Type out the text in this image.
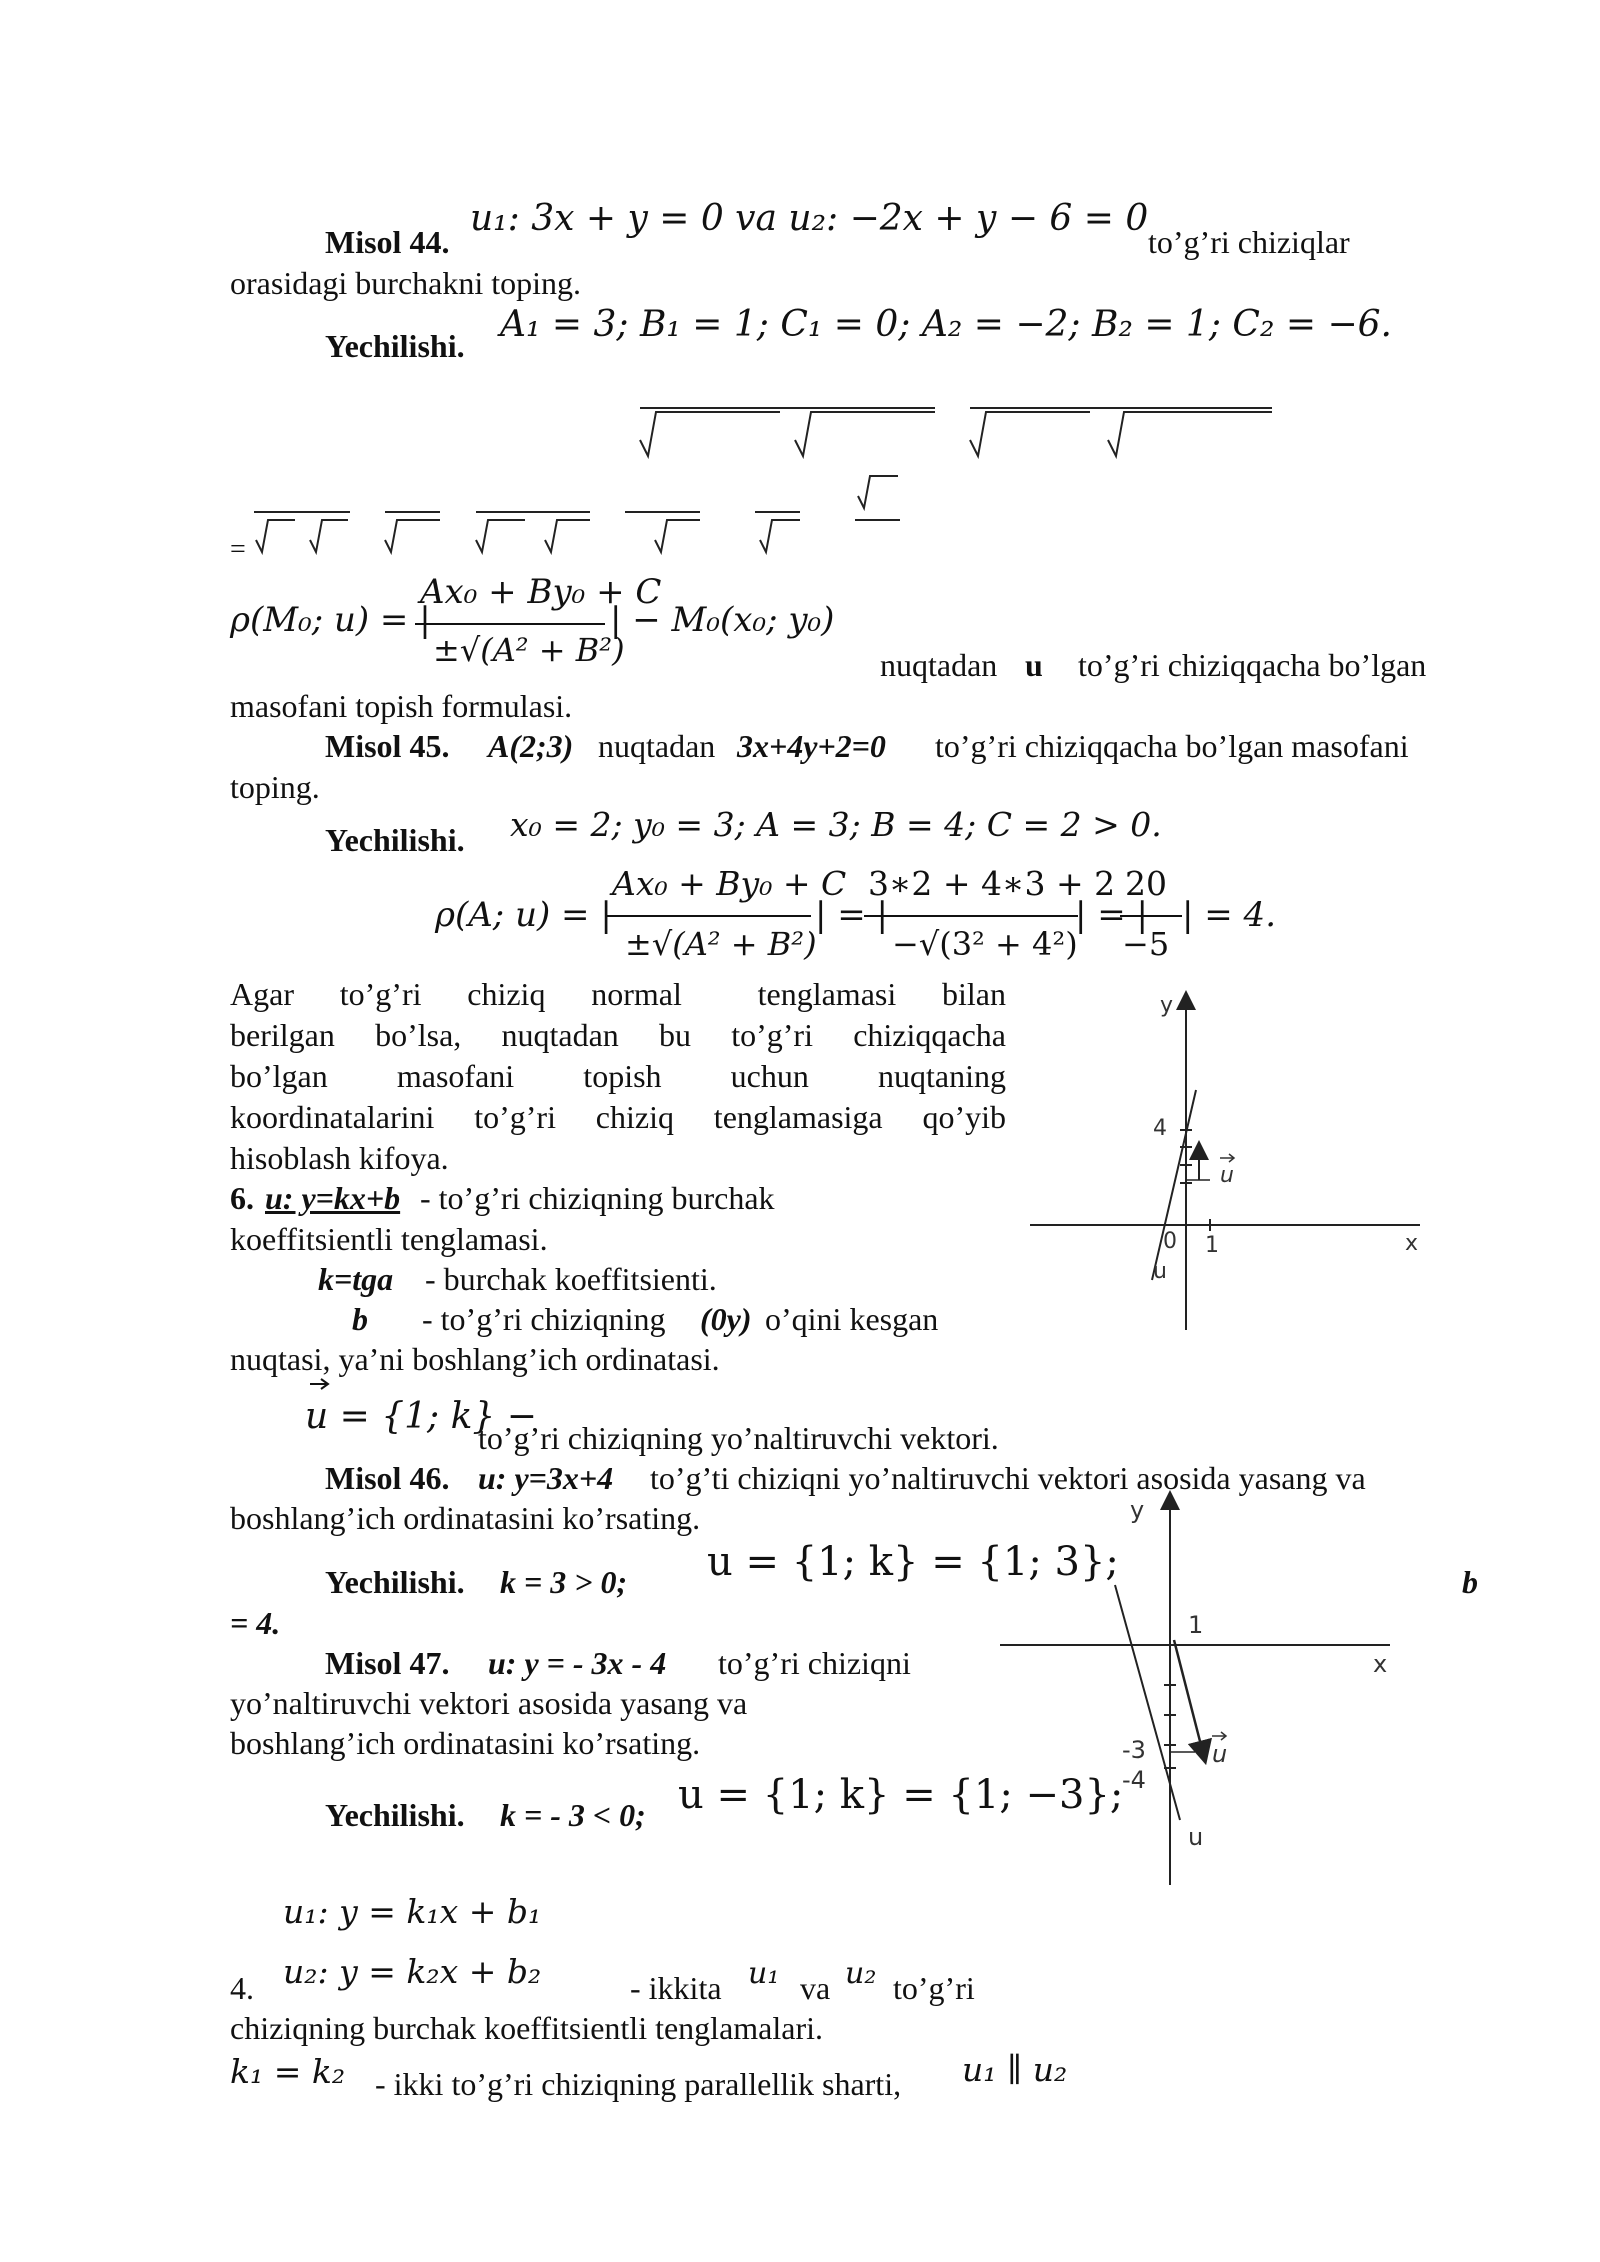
Misol 44.
u₁: 3x + y = 0 va u₂: −2x + y − 6 = 0
to’g’ri chiziqlar
orasidagi burchakni toping.
Yechilishi.
A₁ = 3; B₁ = 1; C₁ = 0; A₂ = −2; B₂ = 1; C₂ = −6.
=
ρ(M₀; u) = |
Ax₀ + By₀ + C
±√(A² + B²)
| − M₀(x₀; y₀)
nuqtadan u to’g’ri chiziqqacha bo’lgan
masofani topish formulasi.
Misol 45. A(2;3) nuqtadan 3x+4y+2=0 to’g’ri chiziqqacha bo’lgan masofani
toping.
Yechilishi. x₀ = 2; y₀ = 3; A = 3; B = 4; C = 2 > 0.
ρ(A; u) = |
Ax₀ + By₀ + C
±√(A² + B²)
| = |
3∗2 + 4∗3 + 2
−√(3² + 4²)
| = |
20
−5
| = 4.
Agar to’g’ri chiziq normal tenglamasi bilan
berilgan bo’lsa, nuqtadan bu to’g’ri chiziqqacha
bo’lgan masofani topish uchun nuqtaning
koordinatalarini to’g’ri chiziq tenglamasiga qo’yib
hisoblash kifoya.
6. u: y=kx+b - to’g’ri chiziqning burchak
koeffitsientli tenglamasi.
k=tga - burchak koeffitsienti.
b - to’g’ri chiziqning (0y) o’qini kesgan
nuqtasi, ya’ni boshlang’ich ordinatasi.
u = {1; k} −
to’g’ri chiziqning yo’naltiruvchi vektori.
Misol 46. u: y=3x+4 to’g’ti chiziqni yo’naltiruvchi vektori asosida yasang va
boshlang’ich ordinatasini ko’rsating.
Yechilishi. k = 3 > 0; u = {1; k} = {1; 3};	b
= 4.
Misol 47. u: y = - 3x - 4 to’g’ri chiziqni
yo’naltiruvchi vektori asosida yasang va
boshlang’ich ordinatasini ko’rsating.
Yechilishi. k = - 3 < 0; u = {1; k} = {1; −3};
u₁: y = k₁x + b₁
4. u₂: y = k₂x + b₂	- ikkita u₁ va u₂ to’g’ri
chiziqning burchak koeffitsientli tenglamalari.
k₁ = k₂ - ikki to’g’ri chiziqning parallellik sharti, u₁ ∥ u₂
y
x
4
0 1
u
u
y
x
1
-3
-4
u
u
